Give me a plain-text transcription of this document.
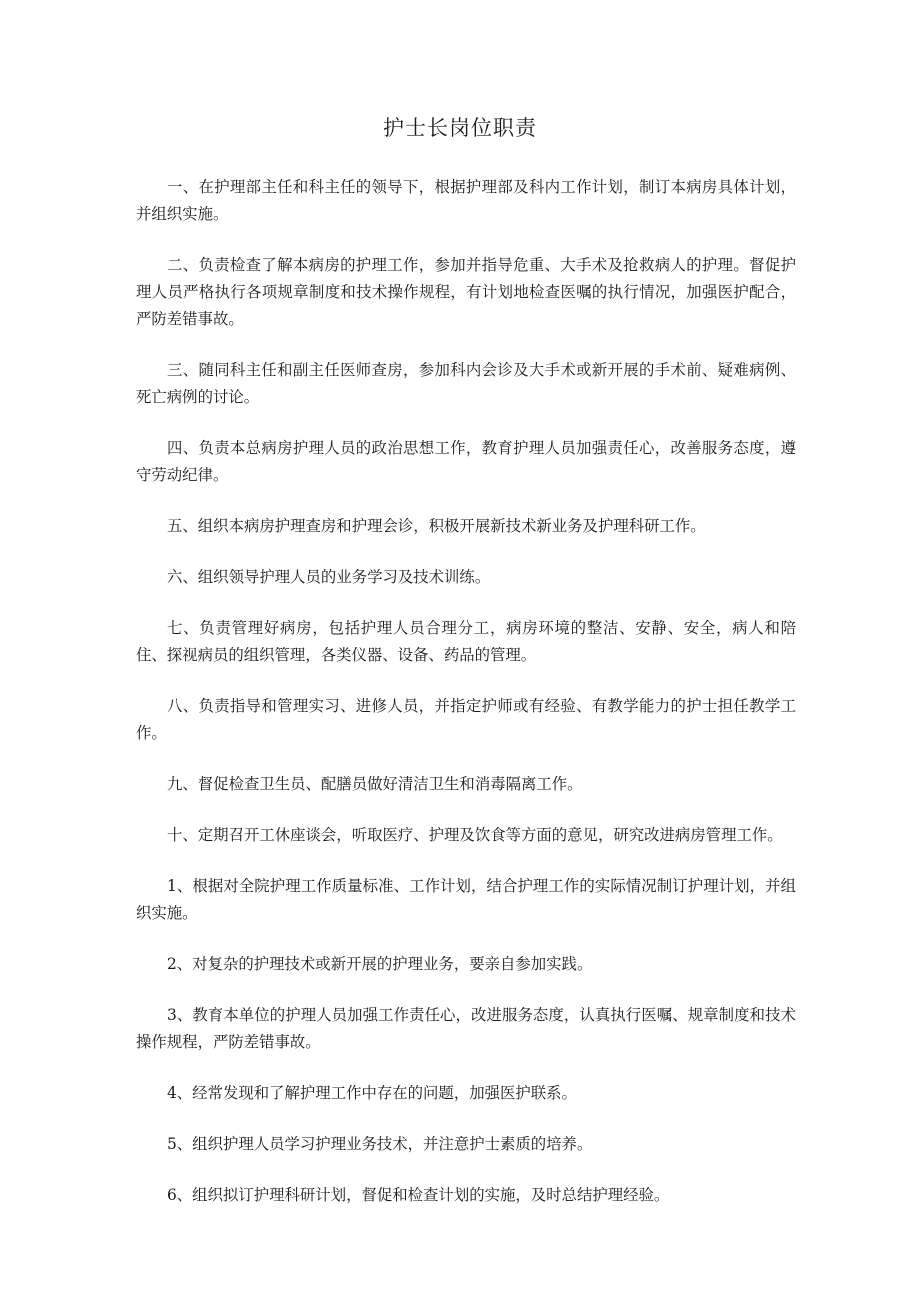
护士长岗位职责

一、在护理部主任和科主任的领导下，根据护理部及科内工作计划，制订本病房具体计划，并组织实施。

二、负责检查了解本病房的护理工作，参加并指导危重、大手术及抢救病人的护理。督促护理人员严格执行各项规章制度和技术操作规程，有计划地检查医嘱的执行情况，加强医护配合，严防差错事故。

三、随同科主任和副主任医师查房，参加科内会诊及大手术或新开展的手术前、疑难病例、死亡病例的讨论。

四、负责本总病房护理人员的政治思想工作，教育护理人员加强责任心，改善服务态度，遵守劳动纪律。

五、组织本病房护理查房和护理会诊，积极开展新技术新业务及护理科研工作。

六、组织领导护理人员的业务学习及技术训练。

七、负责管理好病房，包括护理人员合理分工，病房环境的整洁、安静、安全，病人和陪住、探视病员的组织管理，各类仪器、设备、药品的管理。

八、负责指导和管理实习、进修人员，并指定护师或有经验、有教学能力的护士担任教学工作。

九、督促检查卫生员、配膳员做好清洁卫生和消毒隔离工作。

十、定期召开工休座谈会，听取医疗、护理及饮食等方面的意见，研究改进病房管理工作。

1、根据对全院护理工作质量标准、工作计划，结合护理工作的实际情况制订护理计划，并组织实施。

2、对复杂的护理技术或新开展的护理业务，要亲自参加实践。

3、教育本单位的护理人员加强工作责任心，改进服务态度，认真执行医嘱、规章制度和技术操作规程，严防差错事故。

4、经常发现和了解护理工作中存在的问题，加强医护联系。

5、组织护理人员学习护理业务技术，并注意护士素质的培养。

6、组织拟订护理科研计划，督促和检查计划的实施，及时总结护理经验。
